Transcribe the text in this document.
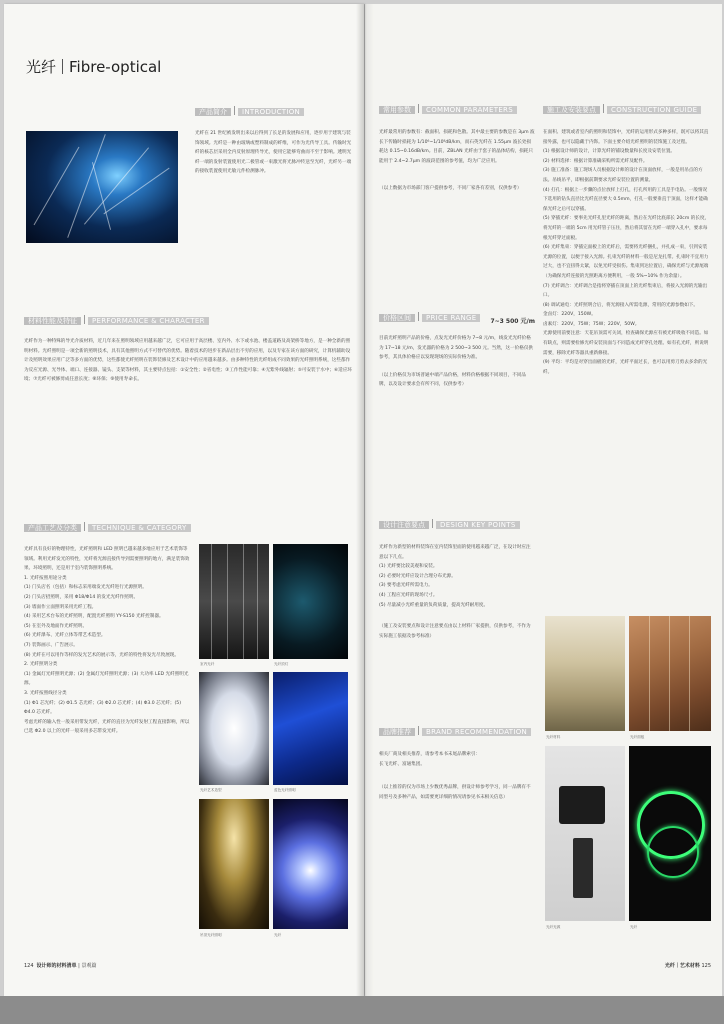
光纤 Fibre-optical
产品简介 INTRODUCTION

光纤在 21 世纪被发明出来以后得到了长足的发展和应用，逐步用于建筑与装饰领域。光纤是一种由玻璃或塑料制成的纤维，可作为光传导工具。传输时光纤的核芯层采用全内反射原理传导光，使用它能够弯曲而不至于影响。透明光纤一端的发射装置使用光二极管或一束激光将光脉冲传送至光纤，光纤另一端的接收装置使用光敏元件检测脉冲。

材料性能及特征 PERFORMANCE & CHARACTER

光纤作为一种特殊的导光介质材料，近几年来在照明领域应用越来越广泛，它可应用于高层楼、室内外、水下或水池、楼盖道路及高架桥等地方，是一种全新的照明材料。光纤照明是一项全新的照明技术，具有其他照明方式不可替代的优势。随着技术的进步在新品层出不穷的应用，以及专家在该方面的研究，计算机辅助设计及照明效果应用广泛等多方面的优势，这些都使光纤照明在装饰装修及艺术设计中的应用越来越多。由多种特性的光纤组成不同效果的光纤照明系统，这些都作为反应光源、光导体、端口、连接器、镜头、支架等材料，其主要特点包括：①安全性；②省电性；③工作性能可靠；④无紫外线辐射；⑤可安装于水中；⑥适应环境；⑦光纤可被修剪成任意长度；⑧环保；⑨使用寿命长。

产品工艺及分类 TECHNIQUE & CATEGORY

光纤具有良好的物理特性，光纤照明和 LED 照明已越来越多地应用于艺术装饰等领域。利用光纤发光的特性，光纤将光源直接传导到需要照明的地方，满足装饰效果、环境照明，还是用于室内装饰照明系统。

1. 光纤按照用途分类

(1) 门头店名（包括）和标志采用端发光光纤进行光源照明。

(2) 门头店招照明，采用 Φ18/Φ14 的发光光纤作照明。

(3) 墙面作立面照明采用光纤工程。

(4) 采用艺术台布的光纤照明，配置光纤照明 YY-S150 光纤控制器。

(5) 在室外及地面作光纤照明。

(6) 光纤瀑布、光纤立体等带艺术造型。

(7) 装饰画示、广告展示。

(8) 光纤在可以用作等样的发光艺术的展示等，光纤的特性将发光尽致展现。

2. 光纤照明分类

(1) 金属灯光纤照明光源；(2) 金属灯光纤照明光源；(3) 大功率 LED 光纤照明光源。

3. 光纤按照线径分类

(1) Φ1 芯光纤；(2) Φ1.5 芯光纤；(3) Φ2.0 芯光纤；(4) Φ3.0 芯光纤；(5) Φ4.0 芯光纤。

考虑光纤的输入性一般采用带发光纤，光纤的直径为光纤发射工程直接影响，所以已选 Φ2.0 以上的光纤一般采用多芯带发光纤。

室内光纤	光纤顶灯
光纤艺术造型	蓝色光纤照明
吊顶光纤照明	光纤
124 设计师的材料清单 | 景观篇
常用参数 COMMON PARAMETERS

光纤最常用的参数有：截面积、损耗和色散。其中最主要的参数是在 3μm 波长下传输时损耗为 1/10⁶~1/10⁸dB/km，而石英光纤在 1.55μm 波长处损耗达 0.15~0.16dB/km。目前，ZBLAN 光纤由于套子的晶体结构，损耗只能用于 2.4~2.7μm 的波段范围的参考值，均为广泛应用。

（以上数据为市场部门客户提供参考，不同厂家各有差别，仅供参考）

价格区间 PRICE RANGE	7~3 500 元/m

目前光纤照明产品的价格，点发光光纤价格为 7~8 元/m，线发光光纤价格为 17~18 元/m，发光器的价格为 2 500~3 500 元。当然，这一价格仅供参考，其具体价格应以发现现场的实际价格为准。

（以上价格仅为市场普通中端产品价格，材料价格根据不同项目，不同品牌，以及设计要求会有所不同，仅供参考）

设计注意要点 DESIGN KEY POINTS

光纤作为新型的材料装饰在室内装饰里面的使用越来越广泛，在设计时应注意以下几点。

(1) 光纤要比较美观和安装。

(2) 必要时光纤应设计合理分布光源。

(3) 要考虑光纤所需电力。

(4) 工程应光纤的现场尺寸。

(5) 尽量减小光纤重量的负荷质量，提高光纤耐用度。

（施工及安装要点和设计注意要点由以上材料厂家提供，仅供参考，不作为实际施工依据及参考标准）

品牌推荐 BRAND RECOMMENDATION

相关厂商及相关推荐，请参考本书末尾品牌索引：

长飞光纤、富通集团。

（以上推荐的仅为市场上少数优秀品牌，供设计师参考学习，同一品牌有不同型号及多种产品，如需要更详细的情况请参见书末相关信息）

施工及安装要点 CONSTRUCTION GUIDE

在面积、建筑或者室内的照明和装饰中，光纤的运用形式多种多样，既可以将其直接外露，也可以隐藏于内饰。下面主要介绍光纤照明的装饰施工及过程。

(1) 根据设计师的设计，计算光纤的铺设数量和长度及安装位置。

(2) 材料选择：根据计算准确采购所需光纤及配件。

(3) 施工准备：施工现场人员根据设计师的设计在顶面放样，一般是用吊点的方法。吊线吊平，即根据前期要求光纤安装位置的测量。

(4) 打孔：根据上一步骤的点位放样上打孔，打孔所用的工具是手电钻。一般情况下选用的钻头直径比光纤直径要大 0.5mm，打孔一般要垂直于顶面，这样才能确保光纤之后可以穿插。

(5) 穿插光纤：要事先光纤孔里光纤的距离，然后在光纤比底部长 20cm 的长度，将光纤的一端的 5cm 用光纤管子压住，然后将其留在光纤一端穿入孔中，要求每根光纤穿过面板。

(6) 光纤集束：穿插完面板上的光纤后，需要将光纤捆扎，并扎成一束，引到安装光源的位置，以便于接入光源。扎束光纤的材料一般是尼龙扎带。扎束时不宜用力过大，也不宜扭得太紧，以免光纤受损伤。集束到达位置后，确保光纤与光源尾端（为确保光纤连接的光照距离方便利用，一般 5%~10% 作为余量）。

(7) 光纤调合：光纤调合是指将穿插在顶面上的光纤集束后，将接入光源的光输出口。

(8) 调试通电：光纤照明合后，将光源接入所需电源，常用的光源参数如下。

金卤灯：220V，150W。

卤素灯：220V，75W；75W；220V，50W。

光源使用前要注意：天花吊顶需可关闭，检查确保光源应有被光纤吸收不同造。如有缺点，则需要检修光纤安装顶面与不同造成光纤穿孔处理。如有孔光纤，则说明需要，移除光纤等器具重新修接。

(9) 平均：平均是对穿出面板的光纤，光纤平面过长，也可以用剪刀剪去多余的光纤。

光纤材料	光纤面板
光纤光源	光纤
光纤｜艺术材料 125
